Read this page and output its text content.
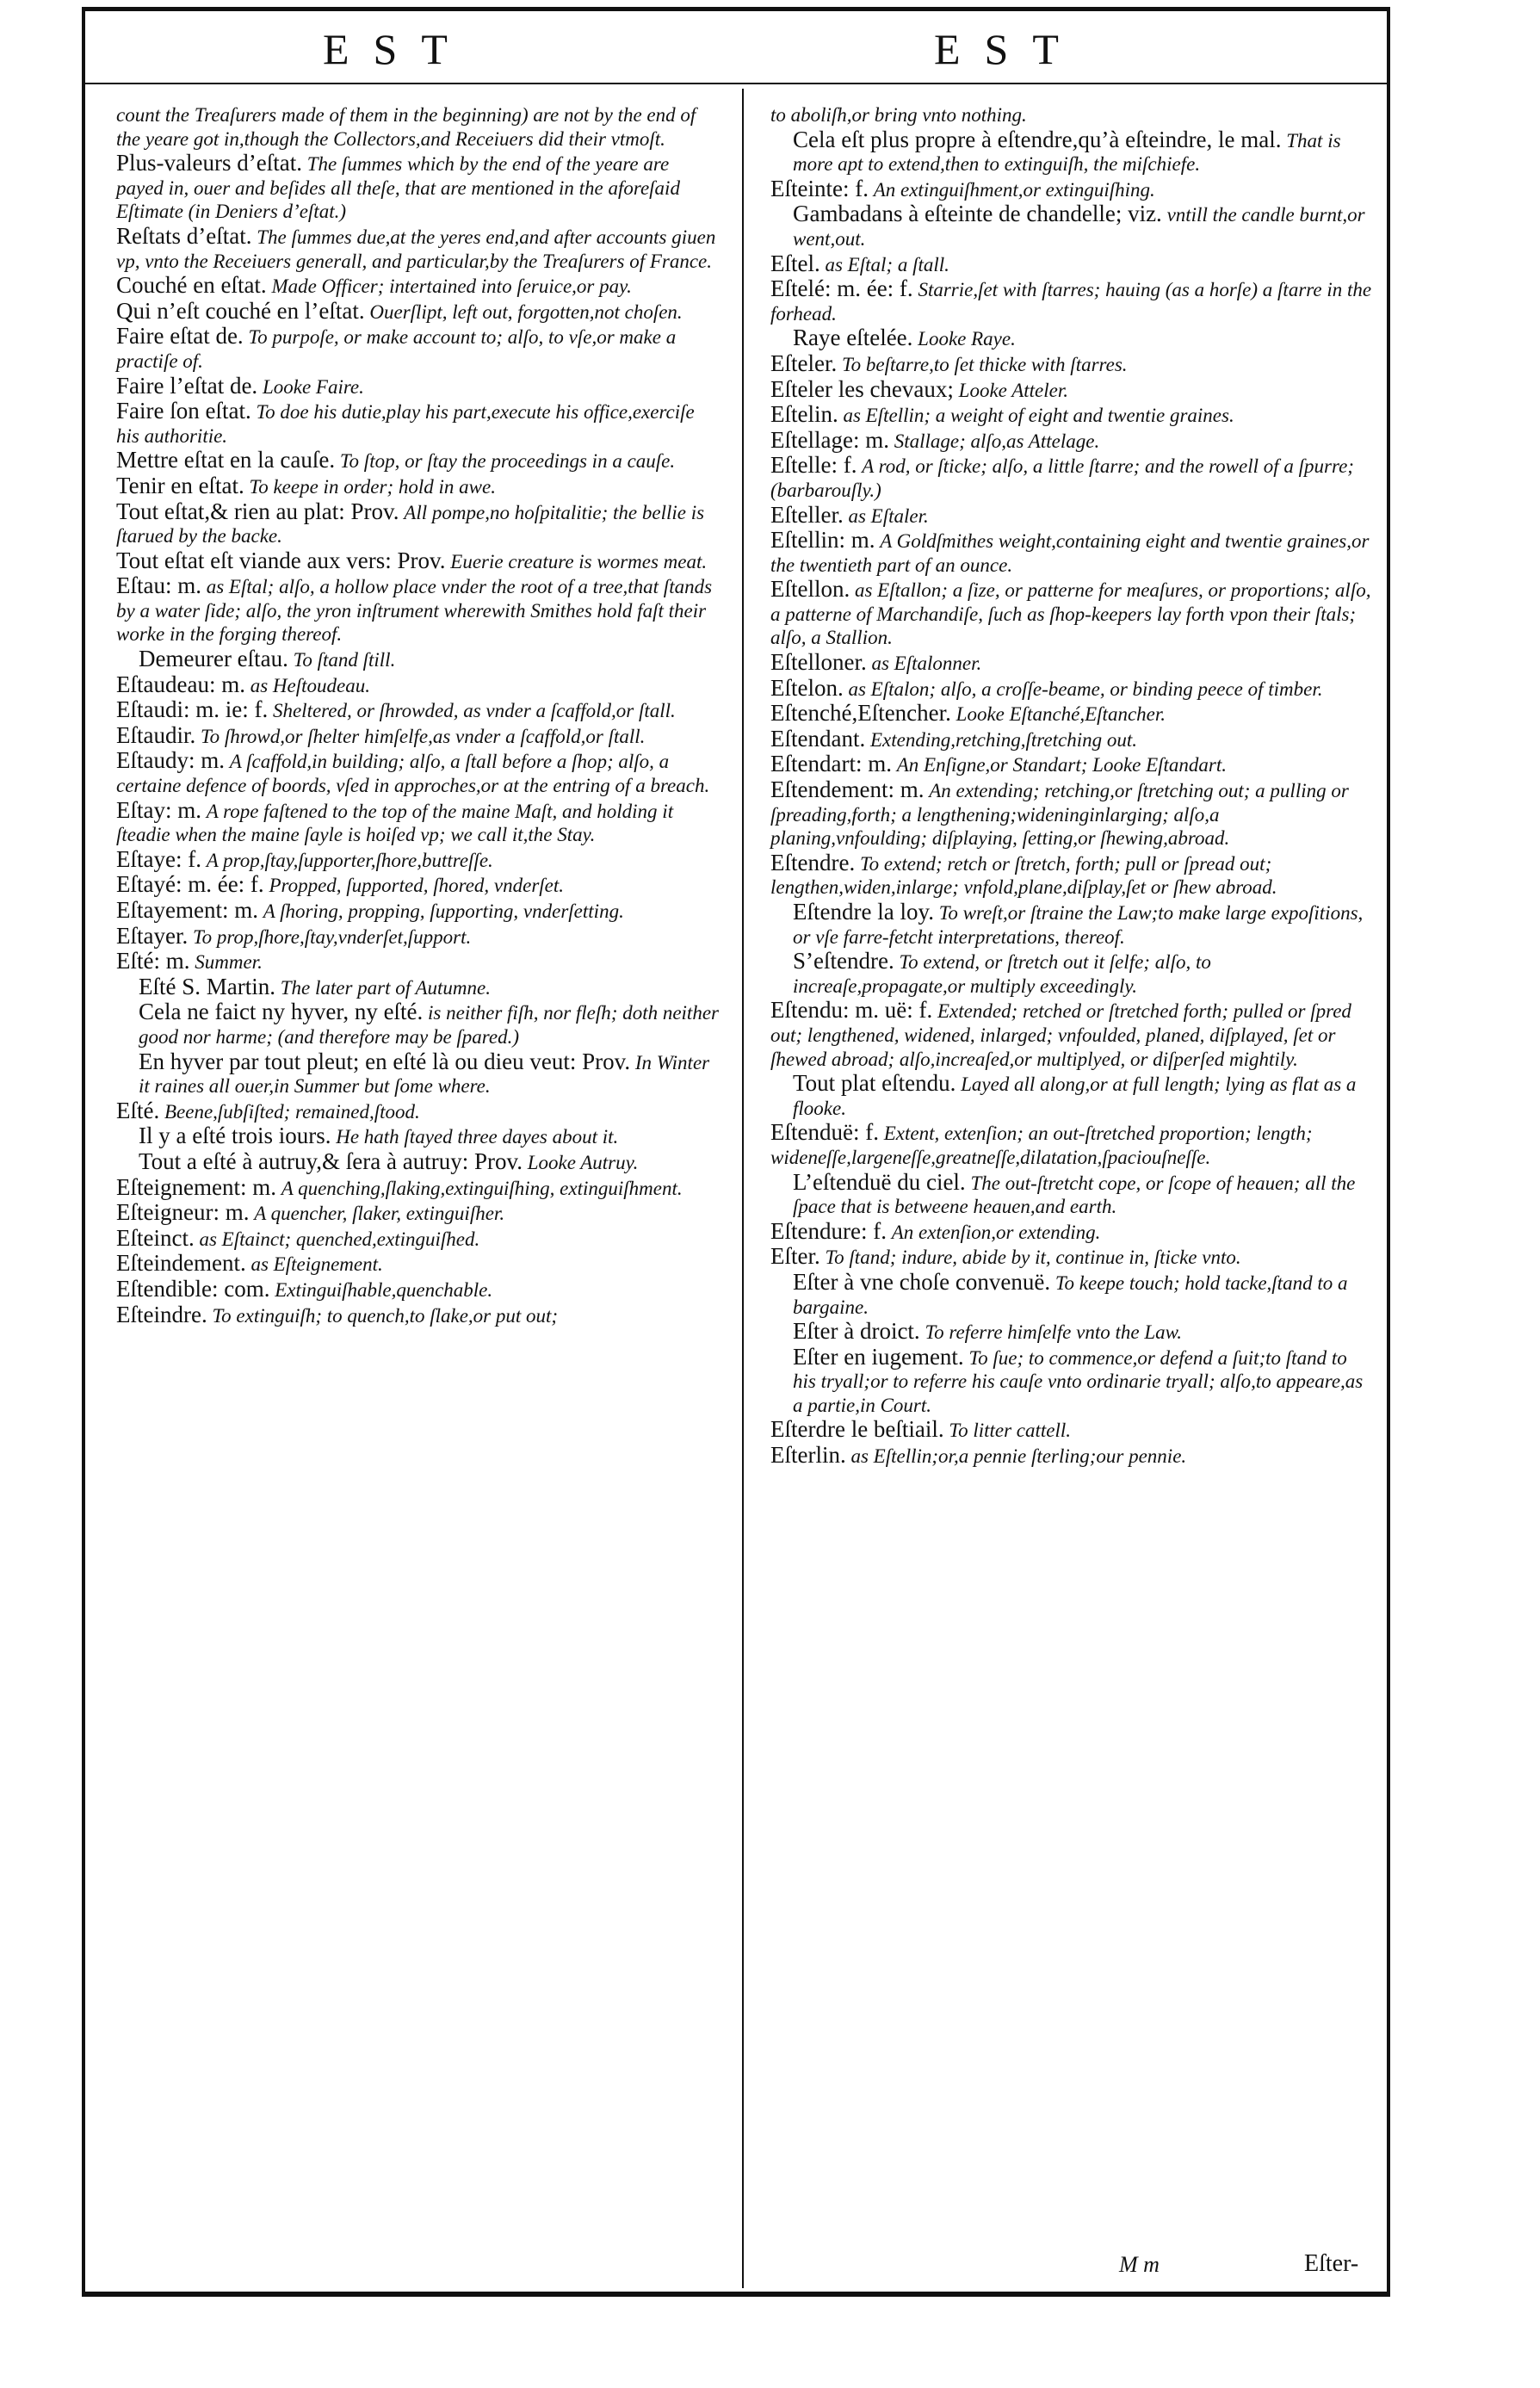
EST	EST

count the Treaſurers made of them in the beginning) are not by the end of the yeare got in,though the Collectors,and Receiuers did their vtmoſt.

Plus-valeurs d’eſtat. The ſummes which by the end of the yeare are payed in, ouer and beſides all theſe, that are mentioned in the aforeſaid Eſtimate (in Deniers d’eſtat.)

Reſtats d’eſtat. The ſummes due,at the yeres end,and after accounts giuen vp, vnto the Receiuers generall, and particular,by the Treaſurers of France.

Couché en eſtat. Made Officer; intertained into ſeruice,or pay.

Qui n’eſt couché en l’eſtat. Ouerſlipt, left out, forgotten,not choſen.

Faire eſtat de. To purpoſe, or make account to; alſo, to vſe,or make a practiſe of.

Faire l’eſtat de. Looke Faire.

Faire ſon eſtat. To doe his dutie,play his part,execute his office,exerciſe his authoritie.

Mettre eſtat en la cauſe. To ſtop, or ſtay the proceedings in a cauſe.

Tenir en eſtat. To keepe in order; hold in awe.

Tout eſtat,& rien au plat: Prov. All pompe,no hoſpitalitie; the bellie is ſtarued by the backe.

Tout eſtat eſt viande aux vers: Prov. Euerie creature is wormes meat.

Eſtau: m. as Eſtal; alſo, a hollow place vnder the root of a tree,that ſtands by a water ſide; alſo, the yron inſtrument wherewith Smithes hold faſt their worke in the forging thereof.

Demeurer eſtau. To ſtand ſtill.

Eſtaudeau: m. as Heſtoudeau.

Eſtaudi: m. ie: f. Sheltered, or ſhrowded, as vnder a ſcaffold,or ſtall.

Eſtaudir. To ſhrowd,or ſhelter himſelfe,as vnder a ſcaffold,or ſtall.

Eſtaudy: m. A ſcaffold,in building; alſo, a ſtall before a ſhop; alſo, a certaine defence of boords, vſed in approches,or at the entring of a breach.

Eſtay: m. A rope faſtened to the top of the maine Maſt, and holding it ſteadie when the maine ſayle is hoiſed vp; we call it,the Stay.

Eſtaye: f. A prop,ſtay,ſupporter,ſhore,buttreſſe.

Eſtayé: m. ée: f. Propped, ſupported, ſhored, vnderſet.

Eſtayement: m. A ſhoring, propping, ſupporting, vnderſetting.

Eſtayer. To prop,ſhore,ſtay,vnderſet,ſupport.

Eſté: m. Summer.

Eſté S. Martin. The later part of Autumne.

Cela ne faict ny hyver, ny eſté. is neither fiſh, nor fleſh; doth neither good nor harme; (and therefore may be ſpared.)

En hyver par tout pleut; en eſté là ou dieu veut: Prov. In Winter it raines all ouer,in Summer but ſome where.

Eſté. Beene,ſubſiſted; remained,ſtood.

Il y a eſté trois iours. He hath ſtayed three dayes about it.

Tout a eſté à autruy,& ſera à autruy: Prov. Looke Autruy.

Eſteignement: m. A quenching,ſlaking,extinguiſhing, extinguiſhment.

Eſteigneur: m. A quencher, ſlaker, extinguiſher.

Eſteinct. as Eſtainct; quenched,extinguiſhed.

Eſteindement. as Eſteignement.

Eſtendible: com. Extinguiſhable,quenchable.

Eſteindre. To extinguiſh; to quench,to ſlake,or put out;

to aboliſh,or bring vnto nothing.

Cela eſt plus propre à eſtendre,qu’à eſteindre, le mal. That is more apt to extend,then to extinguiſh, the miſchiefe.

Eſteinte: f. An extinguiſhment,or extinguiſhing.

Gambadans à eſteinte de chandelle; viz. vntill the candle burnt,or went,out.

Eſtel. as Eſtal; a ſtall.

Eſtelé: m. ée: f. Starrie,ſet with ſtarres; hauing (as a horſe) a ſtarre in the forhead.

Raye eſtelée. Looke Raye.

Eſteler. To beſtarre,to ſet thicke with ſtarres.

Eſteler les chevaux; Looke Atteler.

Eſtelin. as Eſtellin; a weight of eight and twentie graines.

Eſtellage: m. Stallage; alſo,as Attelage.

Eſtelle: f. A rod, or ſticke; alſo, a little ſtarre; and the rowell of a ſpurre; (barbarouſly.)

Eſteller. as Eſtaler.

Eſtellin: m. A Goldſmithes weight,containing eight and twentie graines,or the twentieth part of an ounce.

Eſtellon. as Eſtallon; a ſize, or patterne for meaſures, or proportions; alſo, a patterne of Marchandiſe, ſuch as ſhop-keepers lay forth vpon their ſtals; alſo, a Stallion.

Eſtelloner. as Eſtalonner.

Eſtelon. as Eſtalon; alſo, a croſſe-beame, or binding peece of timber.

Eſtenché,Eſtencher. Looke Eſtanché,Eſtancher.

Eſtendant. Extending,retching,ſtretching out.

Eſtendart: m. An Enſigne,or Standart; Looke Eſtandart.

Eſtendement: m. An extending; retching,or ſtretching out; a pulling or ſpreading,forth; a lengthening;wideninginlarging; alſo,a planing,vnfoulding; diſplaying, ſetting,or ſhewing,abroad.

Eſtendre. To extend; retch or ſtretch, forth; pull or ſpread out; lengthen,widen,inlarge; vnfold,plane,diſplay,ſet or ſhew abroad.

Eſtendre la loy. To wreſt,or ſtraine the Law;to make large expoſitions, or vſe farre-fetcht interpretations, thereof.

S’eſtendre. To extend, or ſtretch out it ſelfe; alſo, to increaſe,propagate,or multiply exceedingly.

Eſtendu: m. uë: f. Extended; retched or ſtretched forth; pulled or ſpred out; lengthened, widened, inlarged; vnfoulded, planed, diſplayed, ſet or ſhewed abroad; alſo,increaſed,or multiplyed, or diſperſed mightily.

Tout plat eſtendu. Layed all along,or at full length; lying as flat as a flooke.

Eſtenduë: f. Extent, extenſion; an out-ſtretched proportion; length; wideneſſe,largeneſſe,greatneſſe,dilatation,ſpaciouſneſſe.

L’eſtenduë du ciel. The out-ſtretcht cope, or ſcope of heauen; all the ſpace that is betweene heauen,and earth.

Eſtendure: f. An extenſion,or extending.

Eſter. To ſtand; indure, abide by it, continue in, ſticke vnto.

Eſter à vne choſe convenuë. To keepe touch; hold tacke,ſtand to a bargaine.

Eſter à droict. To referre himſelfe vnto the Law.

Eſter en iugement. To ſue; to commence,or defend a ſuit;to ſtand to his tryall;or to referre his cauſe vnto ordinarie tryall; alſo,to appeare,as a partie,in Court.

Eſterdre le beſtiail. To litter cattell.

Eſterlin. as Eſtellin;or,a pennie ſterling;our pennie.

M m	Eſter-
